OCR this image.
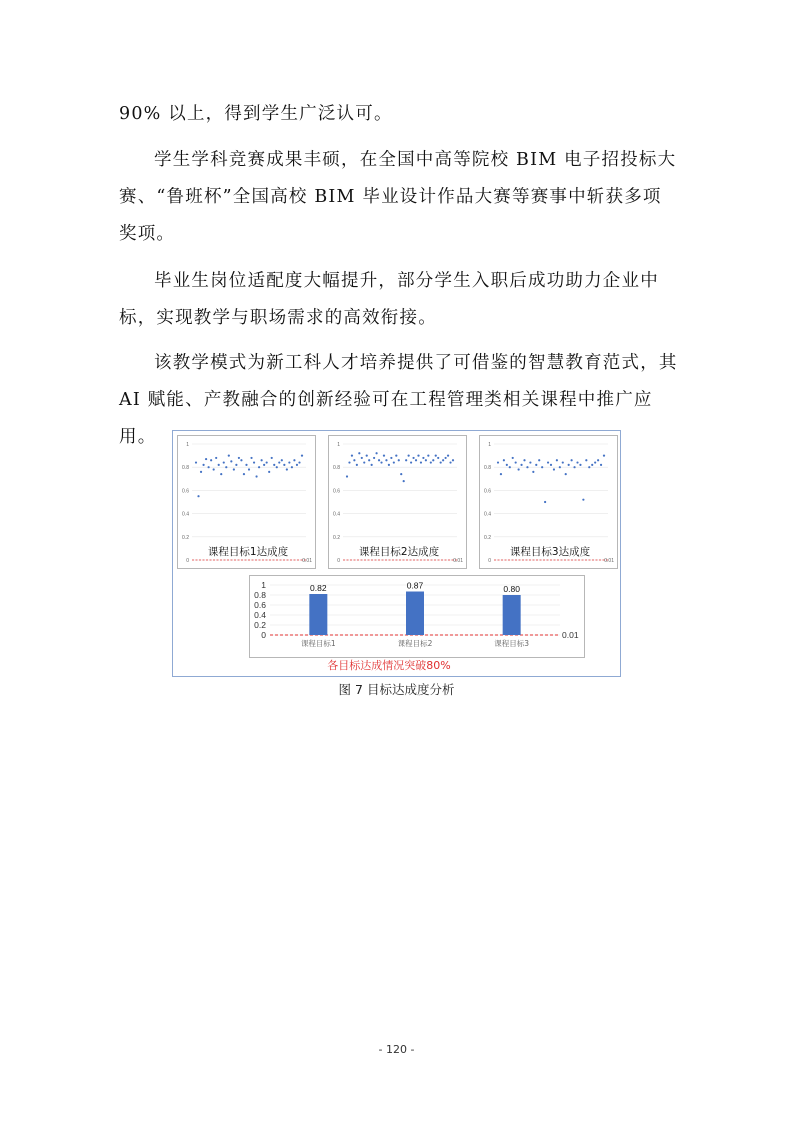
90% 以上，得到学生广泛认可。
学生学科竞赛成果丰硕，在全国中高等院校 BIM 电子招投标大赛、“鲁班杯”全国高校 BIM 毕业设计作品大赛等赛事中斩获多项奖项。
毕业生岗位适配度大幅提升，部分学生入职后成功助力企业中标，实现教学与职场需求的高效衔接。
该教学模式为新工科人才培养提供了可借鉴的智慧教育范式，其 AI 赋能、产教融合的创新经验可在工程管理类相关课程中推广应用。
0
0.2
0.4
0.6
0.8
1
0.01
课程目标1达成度
0
0.2
0.4
0.6
0.8
1
0.01
课程目标2达成度
0
0.2
0.4
0.6
0.8
1
0.01
课程目标3达成度
0
0.2
0.4
0.6
0.8
1
0.01
0.82
课程目标1
0.87
课程目标2
0.80
课程目标3
各目标达成情况突破80%
图 7 目标达成度分析
- 120 -
